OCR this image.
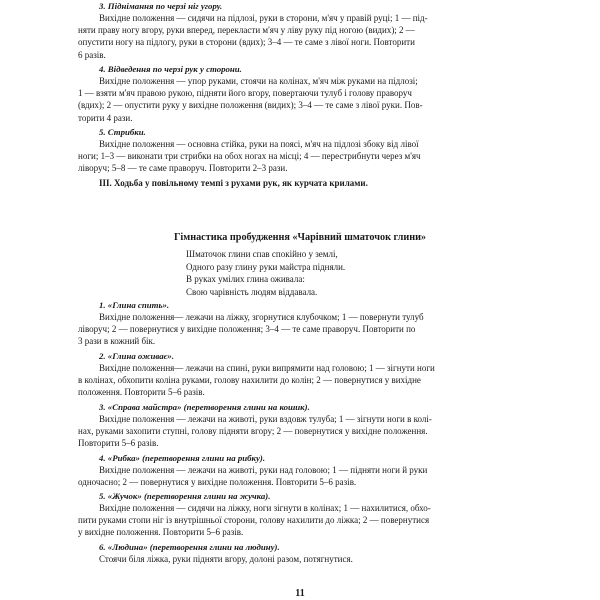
3. Піднімання по черзі ніг угору.

Вихідне положення — сидячи на підлозі, руки в сторони, м'яч у правій руці; 1 — під-
няти праву ногу вгору, руки вперед, перекласти м'яч у ліву руку під ногою (видих); 2 —
опустити ногу на підлогу, руки в сторони (вдих); 3–4 — те саме з лівої ноги. Повторити
6 разів.

4. Відведення по черзі рук у сторони.

Вихідне положення — упор руками, стоячи на колінах, м'яч між руками на підлозі;
1 — взяти м'яч правою рукою, підняти його вгору, повертаючи тулуб і голову праворуч
(вдих); 2 — опустити руку у вихідне положення (видих); 3–4 — те саме з лівої руки. Пов-
торити 4 рази.

5. Стрибки.

Вихідне положення — основна стійка, руки на поясі, м'яч на підлозі збоку від лівої
ноги; 1–3 — виконати три стрибки на обох ногах на місці; 4 — перестрибнути через м'яч
ліворуч; 5–8 — те саме праворуч. Повторити 2–3 рази.

III. Ходьба у повільному темпі з рухами рук, як курчата крилами.

Гімнастика пробудження «Чарівний шматочок глини»

Шматочок глини спав спокійно у землі,
Одного разу глину руки майстра підняли.
В руках умілих глина оживала:
Свою чарівність людям віддавала.

1. «Глина спить».

Вихідне положення— лежачи на ліжку, згорнутися клубочком; 1 — повернути тулуб
ліворуч; 2 — повернутися у вихідне положення; 3–4 — те саме праворуч. Повторити по
3 рази в кожний бік.

2. «Глина оживає».

Вихідне положення— лежачи на спині, руки випрямити над головою; 1 — зігнути ноги
в колінах, обхопити коліна руками, голову нахилити до колін; 2 — повернутися у вихідне
положення. Повторити 5–6 разів.

3. «Справа майстра» (перетворення глини на кошик).

Вихідне положення — лежачи на животі, руки вздовж тулуба; 1 — зігнути ноги в колі-
нах, руками захопити ступні, голову підняти вгору; 2 — повернутися у вихідне положення.
Повторити 5–6 разів.

4. «Рибка» (перетворення глини на рибку).

Вихідне положення — лежачи на животі, руки над головою; 1 — підняти ноги й руки
одночасно; 2 — повернутися у вихідне положення. Повторити 5–6 разів.

5. «Жучок» (перетворення глини на жучка).

Вихідне положення — сидячи на ліжку, ноги зігнути в колінах; 1 — нахилитися, обхо-
пити руками стопи ніг із внутрішньої сторони, голову нахилити до ліжка; 2 — повернутися
у вихідне положення. Повторити 5–6 разів.

6. «Людина» (перетворення глини на людину).

Стоячи біля ліжка, руки підняти вгору, долоні разом, потягнутися.

11
